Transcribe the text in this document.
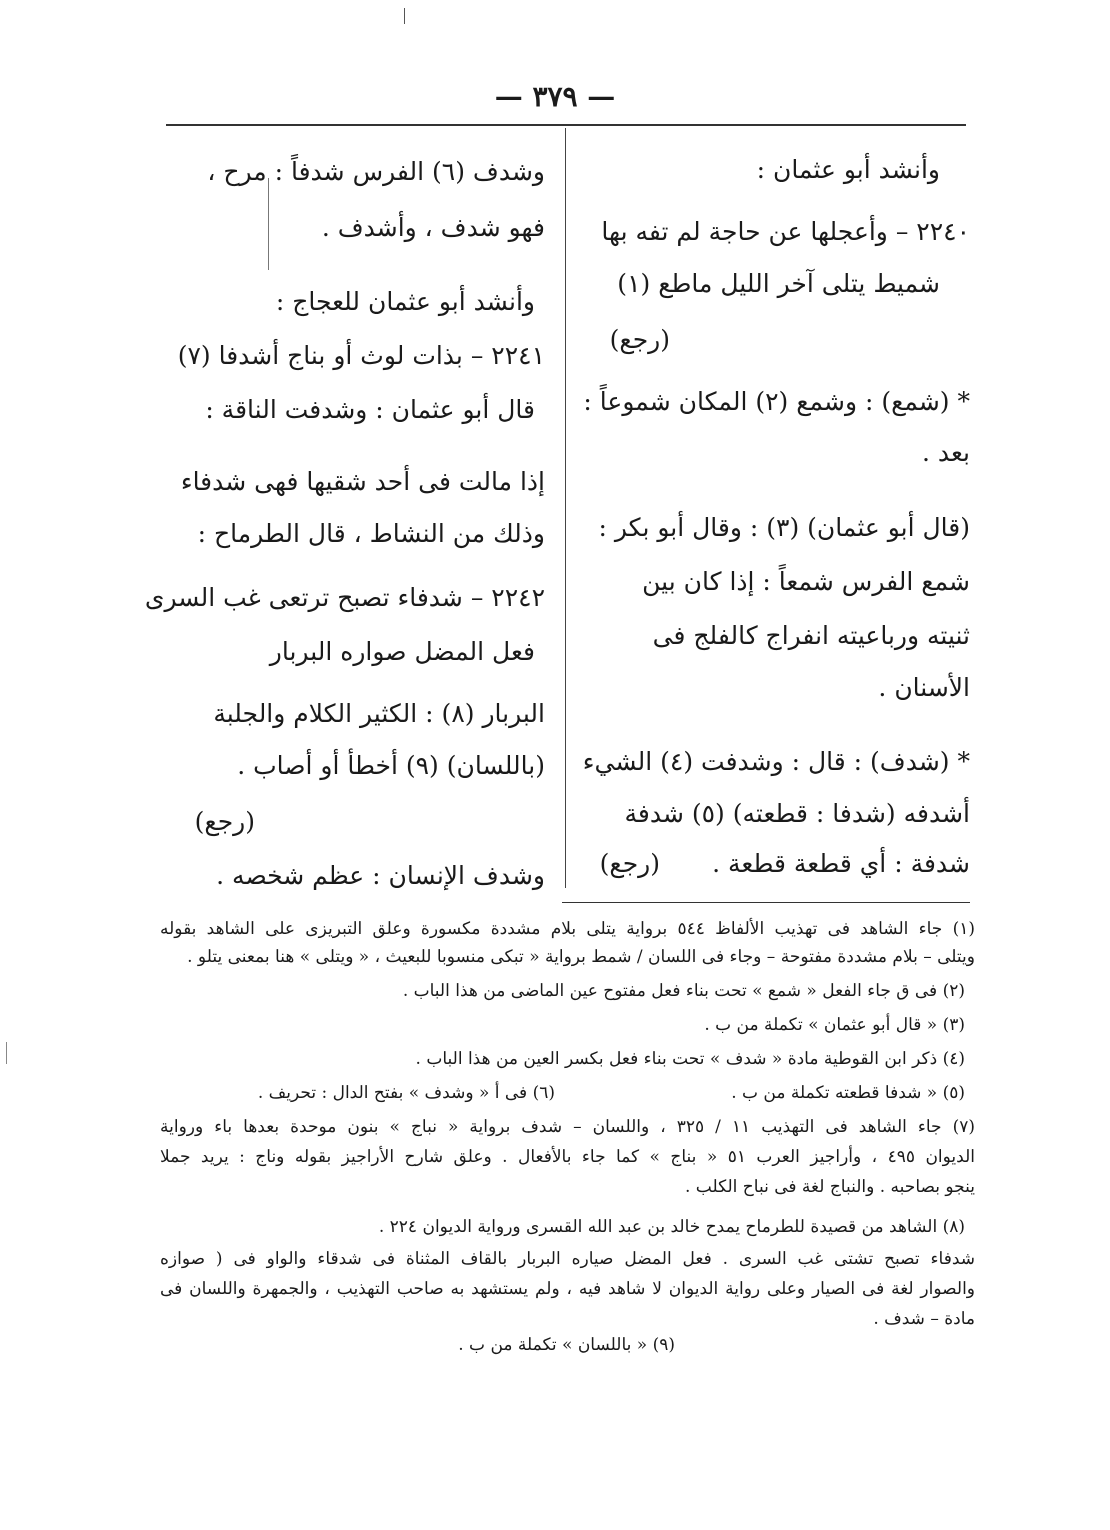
— ٣٧٩ —
وأنشد أبو عثمان :
٢٢٤٠ – وأعجلها عن حاجة لم تفه بها
شميط يتلى آخر الليل ماطع (١)
(رجع)
* (شمع) : وشمع (٢) المكان شموعاً :
بعد .
(قال أبو عثمان) (٣) : وقال أبو بكر :
شمع الفرس شمعاً : إذا كان بين
ثنيته ورباعيته انفراج كالفلج فى
الأسنان .
* (شدف) : قال : وشدفت (٤) الشيء
أشدفه (شدفا : قطعته) (٥) شدفة
شدفة : أي قطعة قطعة .
(رجع)
وشدف (٦) الفرس شدفاً : مرح ،
فهو شدف ، وأشدف .
وأنشد أبو عثمان للعجاج :
٢٢٤١ – بذات لوث أو بناج أشدفا (٧)
قال أبو عثمان : وشدفت الناقة :
إذا مالت فى أحد شقيها فهى شدفاء
وذلك من النشاط ، قال الطرماح :
٢٢٤٢ – شدفاء تصبح ترتعى غب السرى
فعل المضل صواره البربار
البربار (٨) : الكثير الكلام والجلبة
(باللسان) (٩) أخطأ أو أصاب .
(رجع)
وشدف الإنسان : عظم شخصه .
(١) جاء الشاهد فى تهذيب الألفاظ ٥٤٤ برواية يتلى بلام مشددة مكسورة وعلق التبريزى على الشاهد بقوله
ويتلى – بلام مشددة مفتوحة – وجاء فى اللسان / شمط برواية « تبكى منسوبا للبعيث ، « ويتلى » هنا بمعنى يتلو .
(٢) فى ق جاء الفعل « شمع » تحت بناء فعل مفتوح عين الماضى من هذا الباب .
(٣) « قال أبو عثمان » تكملة من ب .
(٤) ذكر ابن القوطية مادة « شدف » تحت بناء فعل بكسر العين من هذا الباب .
(٥) « شدفا قطعته تكملة من ب .
(٦) فى أ « وشدف » بفتح الدال : تحريف .
(٧) جاء الشاهد فى التهذيب ١١ / ٣٢٥ ، واللسان – شدف برواية « نباج » بنون موحدة بعدها باء ورواية
الديوان ٤٩٥ ، وأراجيز العرب ٥١ « بناج » كما جاء بالأفعال . وعلق شارح الأراجيز بقوله وناج : يريد جملا
ينجو بصاحبه . والنباج لغة فى نباح الكلب .
(٨) الشاهد من قصيدة للطرماح يمدح خالد بن عبد الله القسرى ورواية الديوان ٢٢٤ .
شدفاء تصبح تشتى غب السرى . فعل المضل صياره البربار بالقاف المثناة فى شدقاء والواو فى ( صوازه
والصوار لغة فى الصيار وعلى رواية الديوان لا شاهد فيه ، ولم يستشهد به صاحب التهذيب ، والجمهرة واللسان فى
مادة – شدف .
(٩) « باللسان » تكملة من ب .
